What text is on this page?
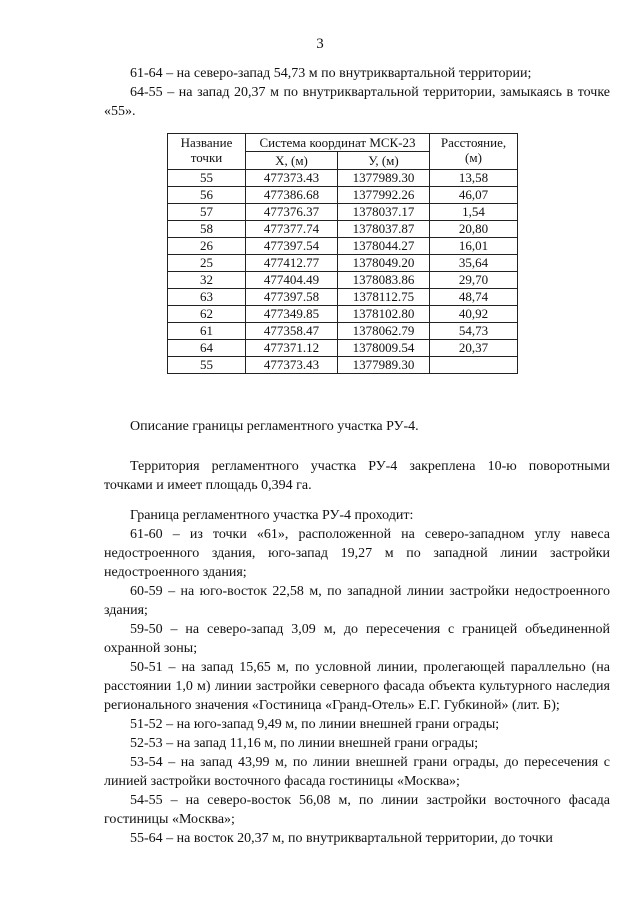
3

61-64 – на северо-запад 54,73 м по внутриквартальной территории;

64-55 – на запад 20,37 м по внутриквартальной территории, замыкаясь в точке «55».

Название точки	Система координат МСК-23		Расстояние, (м)
	Х, (м)	У, (м)	
55	477373.43	1377989.30	13,58
56	477386.68	1377992.26	46,07
57	477376.37	1378037.17	1,54
58	477377.74	1378037.87	20,80
26	477397.54	1378044.27	16,01
25	477412.77	1378049.20	35,64
32	477404.49	1378083.86	29,70
63	477397.58	1378112.75	48,74
62	477349.85	1378102.80	40,92
61	477358.47	1378062.79	54,73
64	477371.12	1378009.54	20,37
55	477373.43	1377989.30	

Описание границы регламентного участка РУ-4.

Территория регламентного участка РУ-4 закреплена 10-ю поворотными точками и имеет площадь 0,394 га.

Граница регламентного участка РУ-4 проходит:

61-60 – из точки «61», расположенной на северо-западном углу навеса недостроенного здания, юго-запад 19,27 м по западной линии застройки недостроенного здания;

60-59 – на юго-восток 22,58 м, по западной линии застройки недостроенного здания;

59-50 – на северо-запад 3,09 м, до пересечения с границей объединенной охранной зоны;

50-51 – на запад 15,65 м, по условной линии, пролегающей параллельно (на расстоянии 1,0 м) линии застройки северного фасада объекта культурного наследия регионального значения «Гостиница «Гранд-Отель» Е.Г. Губкиной» (лит. Б);

51-52 – на юго-запад 9,49 м, по линии внешней грани ограды;

52-53 – на запад 11,16 м, по линии внешней грани ограды;

53-54 – на запад 43,99 м, по линии внешней грани ограды, до пересечения с линией застройки восточного фасада гостиницы «Москва»;

54-55 – на северо-восток 56,08 м, по линии застройки восточного фасада гостиницы «Москва»;

55-64 – на восток 20,37 м, по внутриквартальной территории, до точки
